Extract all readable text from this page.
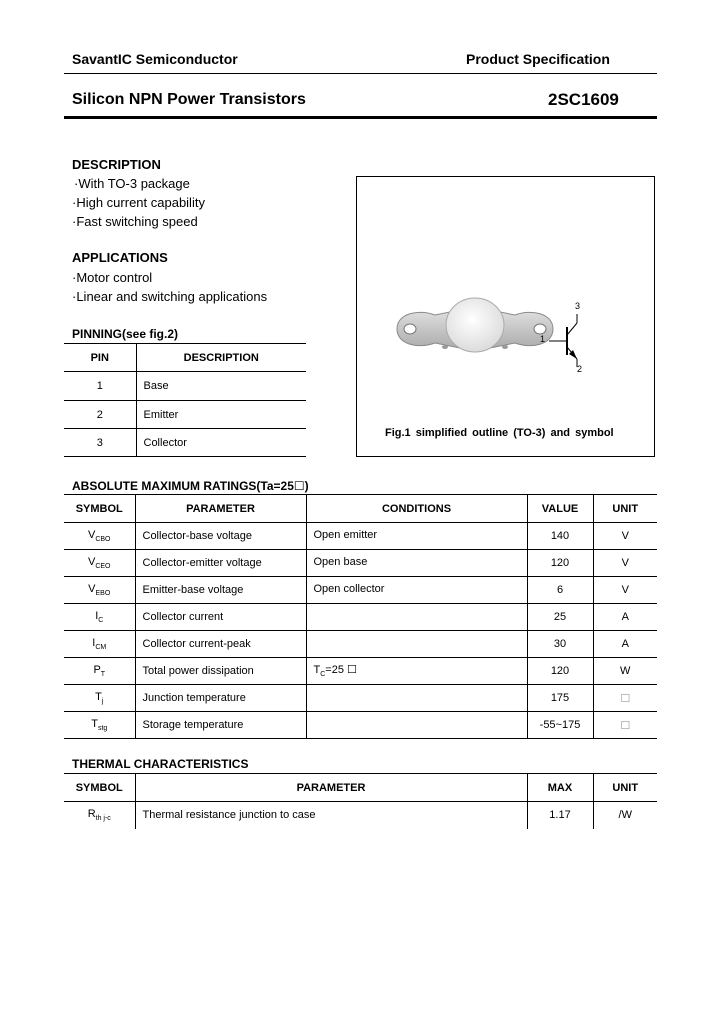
SavantIC Semiconductor	Product Specification
Silicon NPN Power Transistors	2SC1609
DESCRIPTION
·With TO-3 package
·High current capability
·Fast switching speed
APPLICATIONS
·Motor control
·Linear and switching applications
PINNING(see fig.2)
PIN	DESCRIPTION
1	Base
2	Emitter
3	Collector
1
2
3
Fig.1 simplified outline (TO-3) and symbol
ABSOLUTE MAXIMUM RATINGS(Ta=25☐)
SYMBOL	PARAMETER	CONDITIONS	VALUE	UNIT
$V_{CBO}$	Collector-base voltage	Open emitter	140	V
$V_{CEO}$	Collector-emitter voltage	Open base	120	V
$V_{EBO}$	Emitter-base voltage	Open collector	6	V
$I_C$	Collector current		25	A
$I_{CM}$	Collector current-peak		30	A
$P_T$	Total power dissipation	$T_C=25$ ☐	120	W
$T_j$	Junction temperature		175	☐
$T_{stg}$	Storage temperature		-55~175	☐
THERMAL CHARACTERISTICS
SYMBOL	PARAMETER	MAX	UNIT
$R_{th j-c}$	Thermal resistance junction to case	1.17	/W
